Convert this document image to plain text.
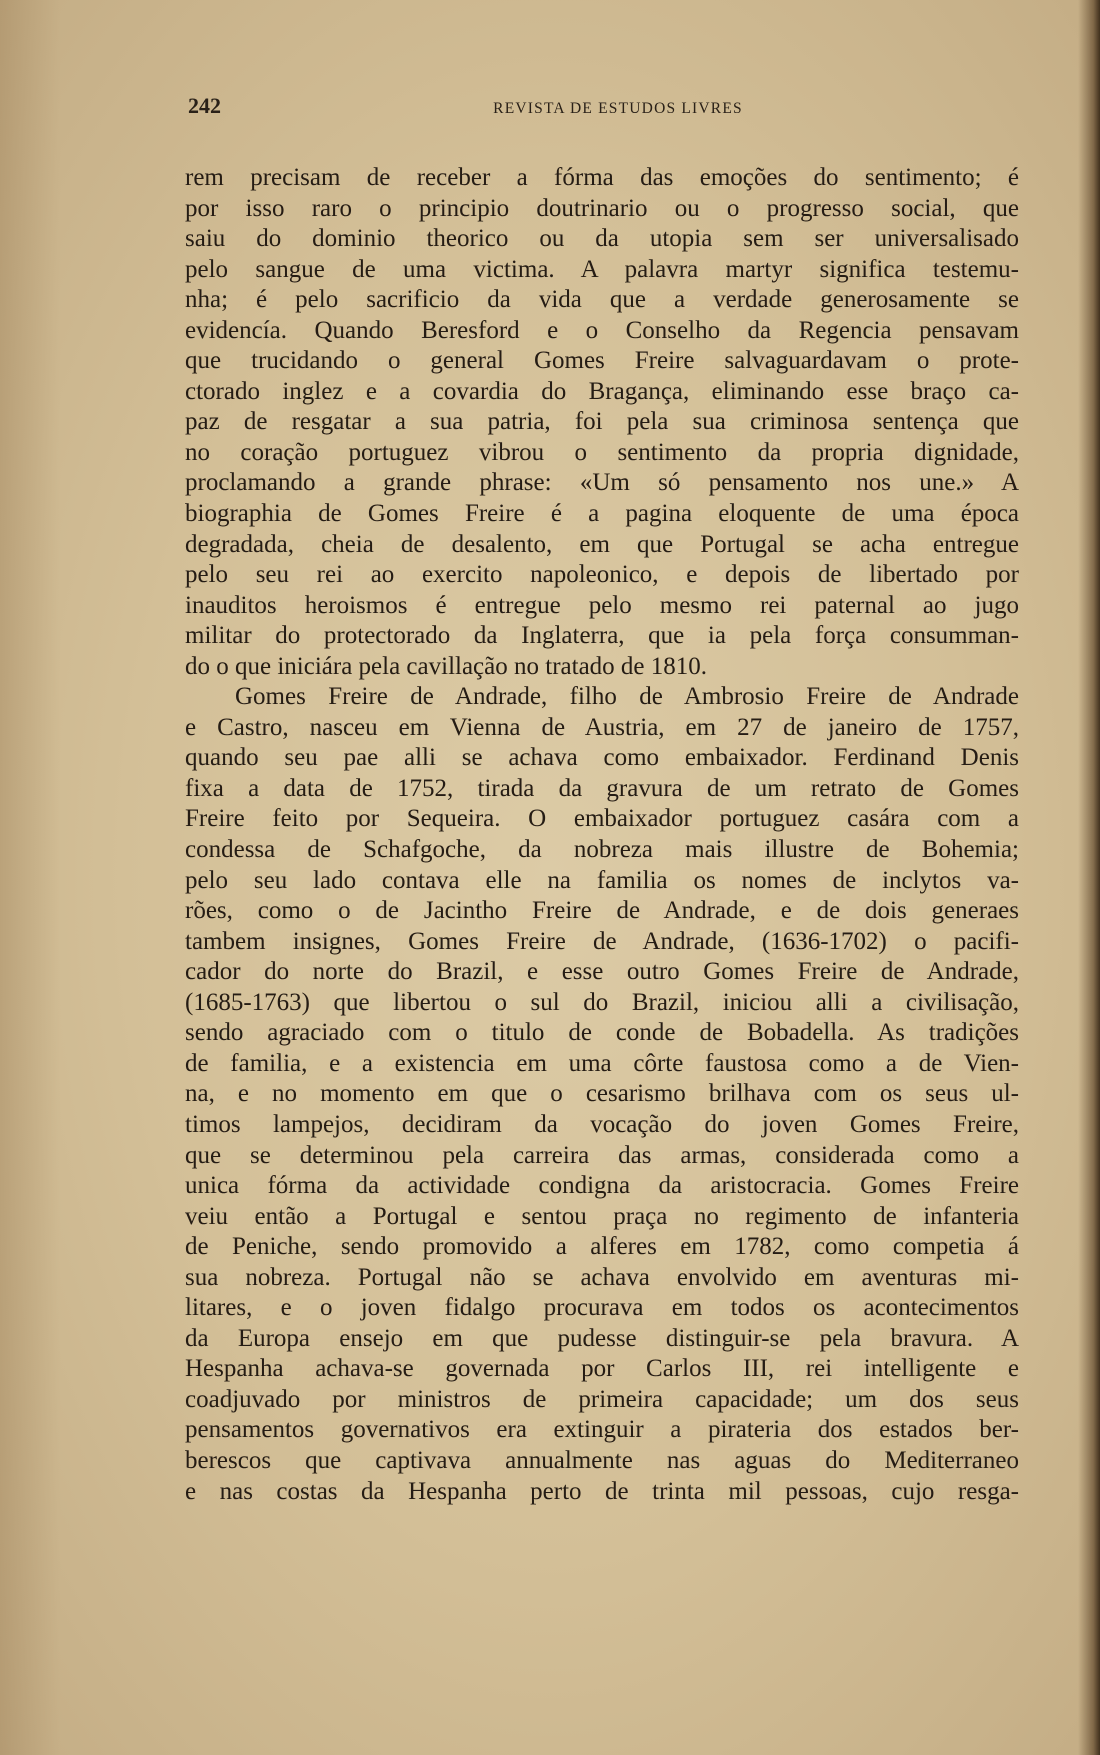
242	REVISTA DE ESTUDOS LIVRES
rem precisam de receber a fórma das emoções do sentimento; é
por isso raro o principio doutrinario ou o progresso social, que
saiu do dominio theorico ou da utopia sem ser universalisado
pelo sangue de uma victima. A palavra martyr significa testemu-
nha; é pelo sacrificio da vida que a verdade generosamente se
evidencía. Quando Beresford e o Conselho da Regencia pensavam
que trucidando o general Gomes Freire salvaguardavam o prote-
ctorado inglez e a covardia do Bragança, eliminando esse braço ca-
paz de resgatar a sua patria, foi pela sua criminosa sentença que
no coração portuguez vibrou o sentimento da propria dignidade,
proclamando a grande phrase: «Um só pensamento nos une.» A
biographia de Gomes Freire é a pagina eloquente de uma época
degradada, cheia de desalento, em que Portugal se acha entregue
pelo seu rei ao exercito napoleonico, e depois de libertado por
inauditos heroismos é entregue pelo mesmo rei paternal ao jugo
militar do protectorado da Inglaterra, que ia pela força consumman-
do o que iniciára pela cavillação no tratado de 1810.
Gomes Freire de Andrade, filho de Ambrosio Freire de Andrade
e Castro, nasceu em Vienna de Austria, em 27 de janeiro de 1757,
quando seu pae alli se achava como embaixador. Ferdinand Denis
fixa a data de 1752, tirada da gravura de um retrato de Gomes
Freire feito por Sequeira. O embaixador portuguez casára com a
condessa de Schafgoche, da nobreza mais illustre de Bohemia;
pelo seu lado contava elle na familia os nomes de inclytos va-
rões, como o de Jacintho Freire de Andrade, e de dois generaes
tambem insignes, Gomes Freire de Andrade, (1636-1702) o pacifi-
cador do norte do Brazil, e esse outro Gomes Freire de Andrade,
(1685-1763) que libertou o sul do Brazil, iniciou alli a civilisação,
sendo agraciado com o titulo de conde de Bobadella. As tradições
de familia, e a existencia em uma côrte faustosa como a de Vien-
na, e no momento em que o cesarismo brilhava com os seus ul-
timos lampejos, decidiram da vocação do joven Gomes Freire,
que se determinou pela carreira das armas, considerada como a
unica fórma da actividade condigna da aristocracia. Gomes Freire
veiu então a Portugal e sentou praça no regimento de infanteria
de Peniche, sendo promovido a alferes em 1782, como competia á
sua nobreza. Portugal não se achava envolvido em aventuras mi-
litares, e o joven fidalgo procurava em todos os acontecimentos
da Europa ensejo em que pudesse distinguir-se pela bravura. A
Hespanha achava-se governada por Carlos III, rei intelligente e
coadjuvado por ministros de primeira capacidade; um dos seus
pensamentos governativos era extinguir a pirateria dos estados ber-
berescos que captivava annualmente nas aguas do Mediterraneo
e nas costas da Hespanha perto de trinta mil pessoas, cujo resga-
